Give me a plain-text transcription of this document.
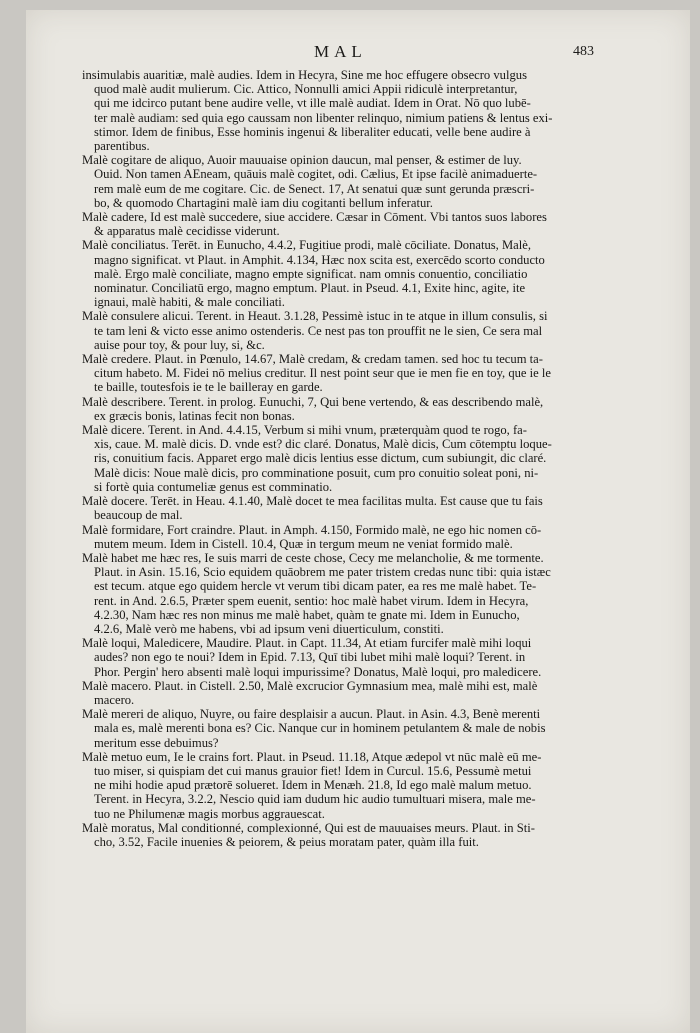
MAL	483
insimulabis auaritiæ, malè audies. Idem in Hecyra, Sine me hoc effugere obsecro vulgus
quod malè audit mulierum. Cic. Attico, Nonnulli amici Appii ridiculè interpretantur,
qui me idcirco putant bene audire velle, vt ille malè audiat. Idem in Orat. Nō quo lubē-
ter malè audiam: sed quia ego caussam non libenter relinquo, nimium patiens & lentus exi-
stimor. Idem de finibus, Esse hominis ingenui & liberaliter educati, velle bene audire à
parentibus.
Malè cogitare de aliquo, Auoir mauuaise opinion daucun, mal penser, & estimer de luy.
Ouid. Non tamen AEneam, quāuis malè cogitet, odi. Cælius, Et ipse facilè animaduerte-
rem malè eum de me cogitare. Cic. de Senect. 17, At senatui quæ sunt gerunda præscri-
bo, & quomodo Chartagini malè iam diu cogitanti bellum inferatur.
Malè cadere, Id est malè succedere, siue accidere. Cæsar in Cōment. Vbi tantos suos labores
& apparatus malè cecidisse viderunt.
Malè conciliatus. Terēt. in Eunucho, 4.4.2, Fugitiue prodi, malè cōciliate. Donatus, Malè,
magno significat. vt Plaut. in Amphit. 4.134, Hæc nox scita est, exercēdo scorto conducto
malè. Ergo malè conciliate, magno empte significat. nam omnis conuentio, conciliatio
nominatur. Conciliatū ergo, magno emptum. Plaut. in Pseud. 4.1, Exite hinc, agite, ite
ignaui, malè habiti, & male conciliati.
Malè consulere alicui. Terent. in Heaut. 3.1.28, Pessimè istuc in te atque in illum consulis, si
te tam leni & victo esse animo ostenderis. Ce nest pas ton prouffit ne le sien, Ce sera mal
auise pour toy, & pour luy, si, &c.
Malè credere. Plaut. in Pœnulo, 14.67, Malè credam, & credam tamen. sed hoc tu tecum ta-
citum habeto. M. Fidei nō melius creditur. Il nest point seur que ie men fie en toy, que ie le
te baille, toutesfois ie te le bailleray en garde.
Malè describere. Terent. in prolog. Eunuchi, 7, Qui bene vertendo, & eas describendo malè,
ex græcis bonis, latinas fecit non bonas.
Malè dicere. Terent. in And. 4.4.15, Verbum si mihi vnum, præterquàm quod te rogo, fa-
xis, caue. M. malè dicis. D. vnde est? dic claré. Donatus, Malè dicis, Cum cōtemptu loque-
ris, conuitium facis. Apparet ergo malè dicis lentius esse dictum, cum subiungit, dic claré.
Malè dicis: Noue malè dicis, pro comminatione posuit, cum pro conuitio soleat poni, ni-
si fortè quia contumeliæ genus est comminatio.
Malè docere. Terēt. in Heau. 4.1.40, Malè docet te mea facilitas multa. Est cause que tu fais
beaucoup de mal.
Malè formidare, Fort craindre. Plaut. in Amph. 4.150, Formido malè, ne ego hic nomen cō-
mutem meum. Idem in Cistell. 10.4, Quæ in tergum meum ne veniat formido malè.
Malè habet me hæc res, Ie suis marri de ceste chose, Cecy me melancholie, & me tormente.
Plaut. in Asin. 15.16, Scio equidem quāobrem me pater tristem credas nunc tibi: quia istæc
est tecum. atque ego quidem hercle vt verum tibi dicam pater, ea res me malè habet. Te-
rent. in And. 2.6.5, Præter spem euenit, sentio: hoc malè habet virum. Idem in Hecyra,
4.2.30, Nam hæc res non minus me malè habet, quàm te gnate mi. Idem in Eunucho,
4.2.6, Malè verò me habens, vbi ad ipsum veni diuerticulum, constiti.
Malè loqui, Maledicere, Maudire. Plaut. in Capt. 11.34, At etiam furcifer malè mihi loqui
audes? non ego te noui? Idem in Epid. 7.13, Quī tibi lubet mihi malè loqui? Terent. in
Phor. Pergin' hero absenti malè loqui impurissime? Donatus, Malè loqui, pro maledicere.
Malè macero. Plaut. in Cistell. 2.50, Malè excrucior Gymnasium mea, malè mihi est, malè
macero.
Malè mereri de aliquo, Nuyre, ou faire desplaisir a aucun. Plaut. in Asin. 4.3, Benè merenti
mala es, malè merenti bona es? Cic. Nanque cur in hominem petulantem & male de nobis
meritum esse debuimus?
Malè metuo eum, Ie le crains fort. Plaut. in Pseud. 11.18, Atque ædepol vt nūc malè eū me-
tuo miser, si quispiam det cui manus grauior fiet! Idem in Curcul. 15.6, Pessumè metui
ne mihi hodie apud prætorē solueret. Idem in Menæh. 21.8, Id ego malè malum metuo.
Terent. in Hecyra, 3.2.2, Nescio quid iam dudum hic audio tumultuari misera, male me-
tuo ne Philumenæ magis morbus aggrauescat.
Malè moratus, Mal conditionné, complexionné, Qui est de mauuaises meurs. Plaut. in Sti-
cho, 3.52, Facile inuenies & peiorem, & peius moratam pater, quàm illa fuit.
